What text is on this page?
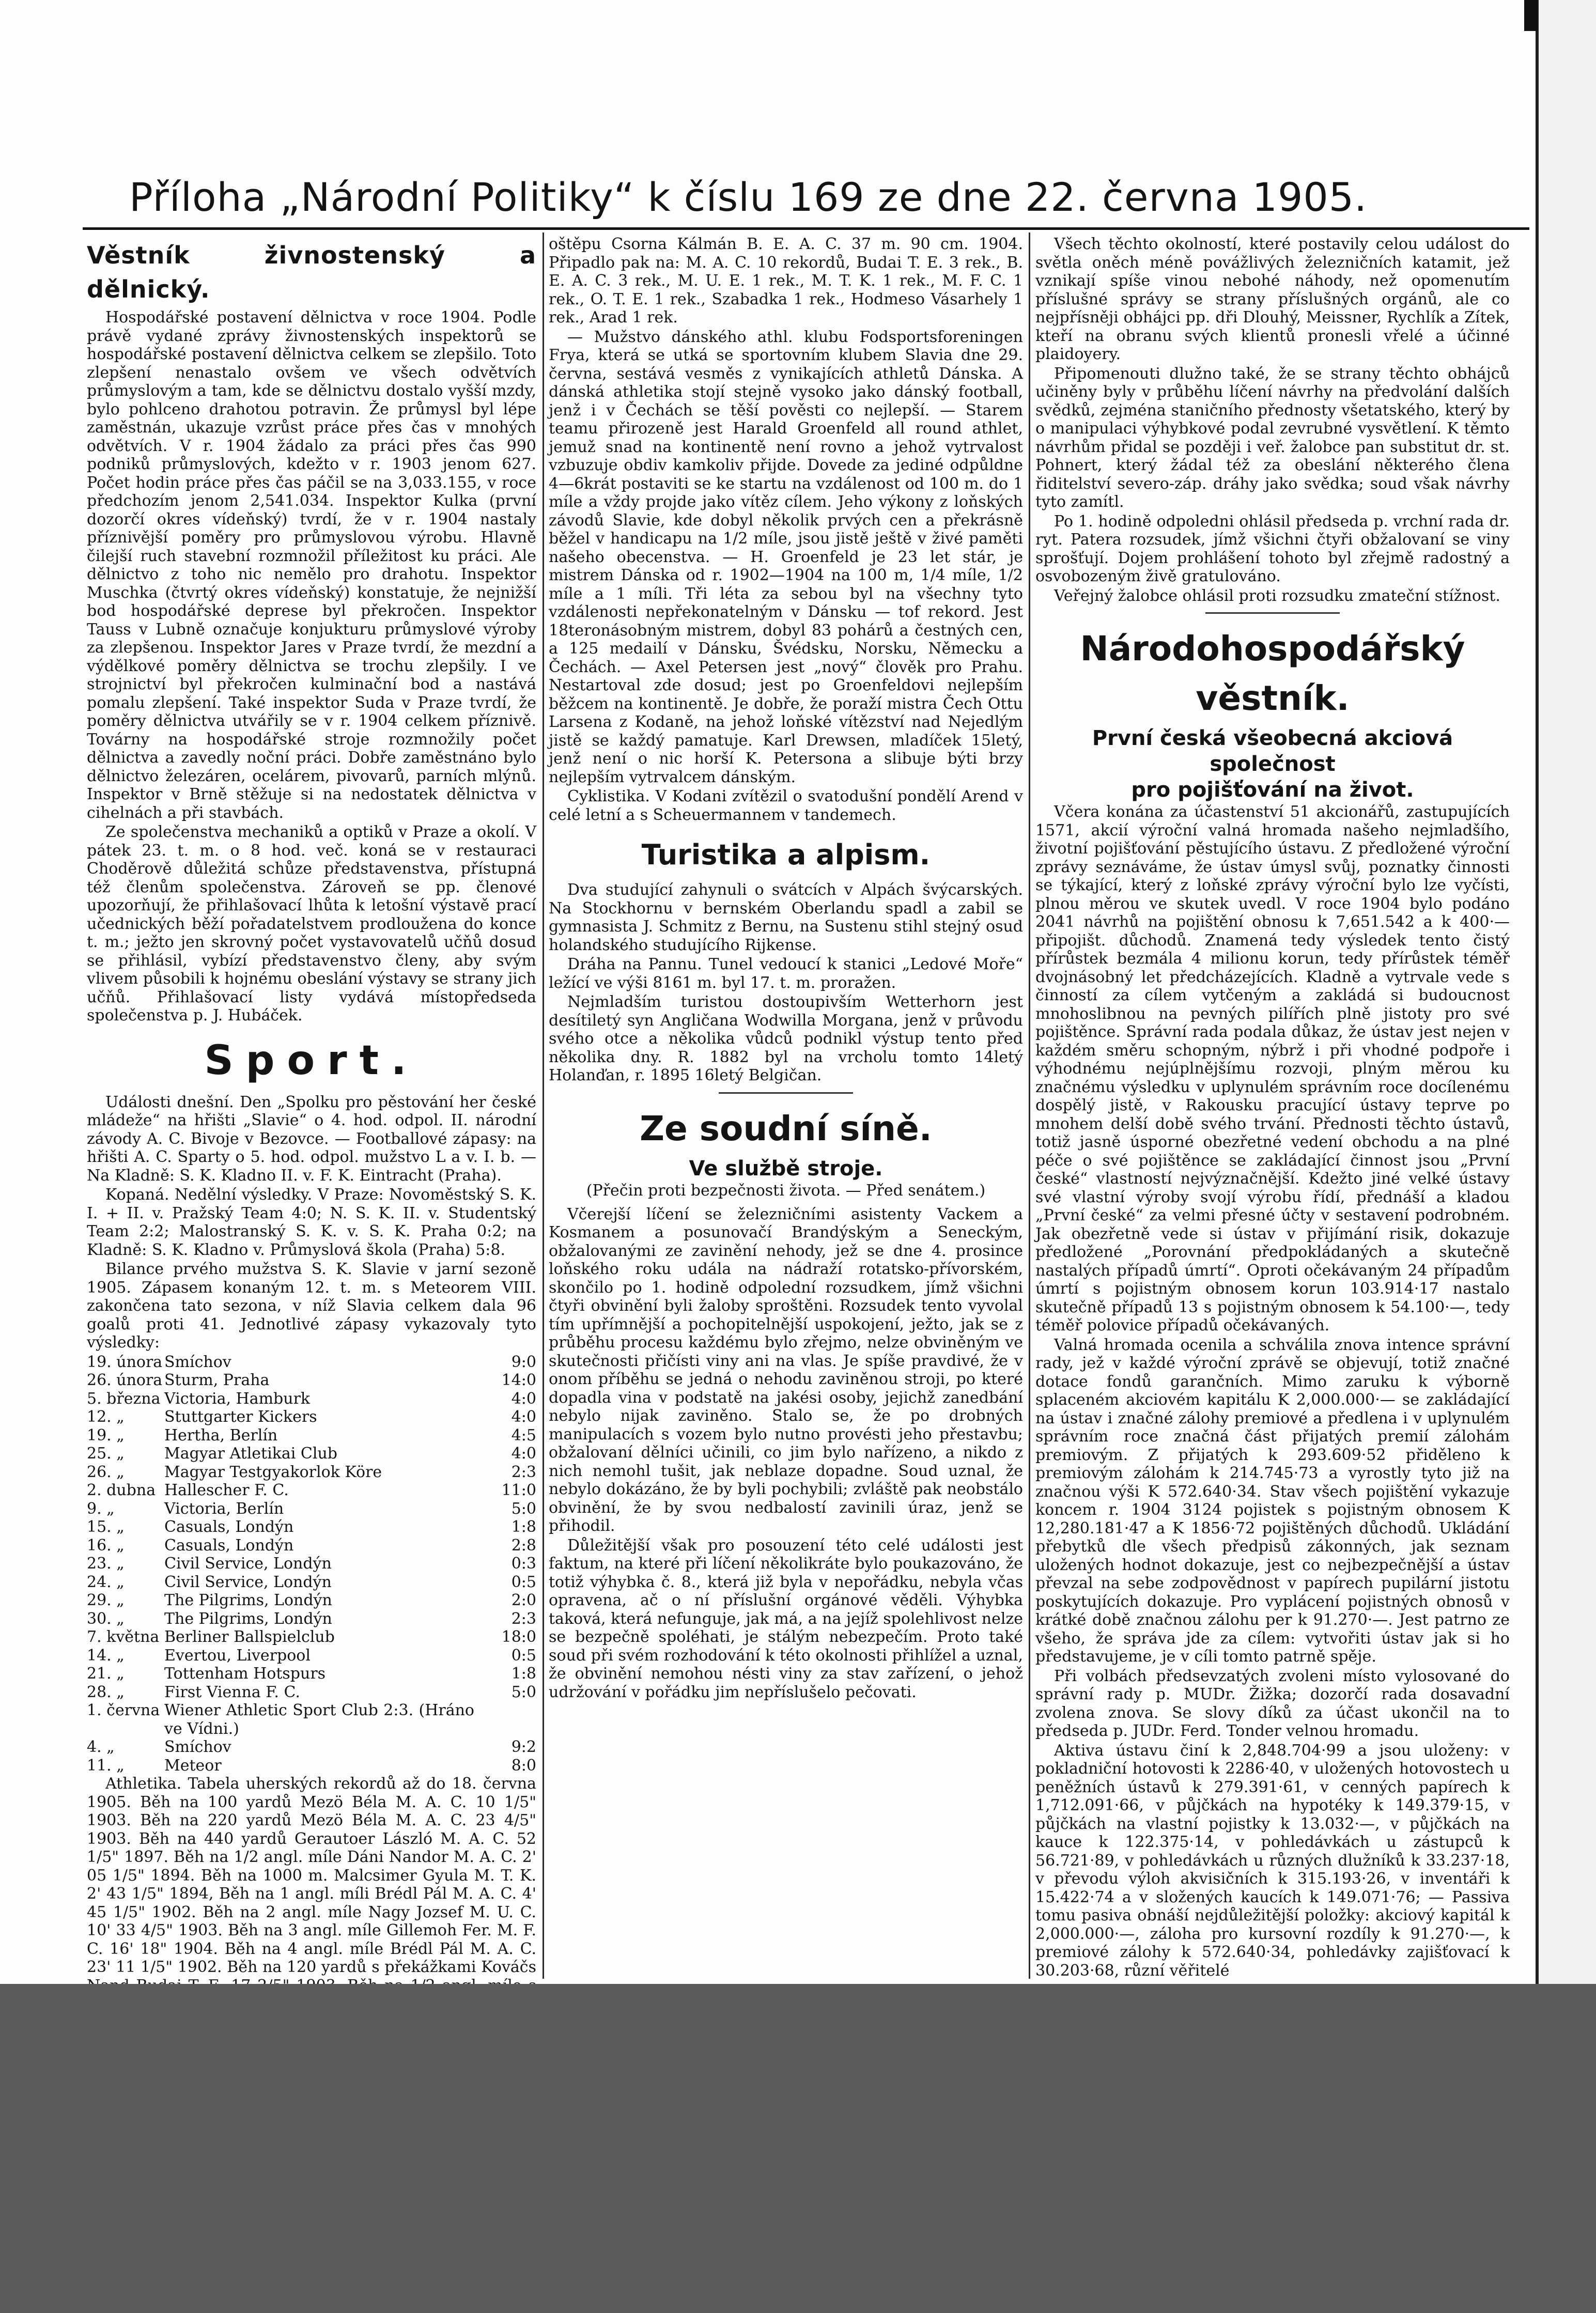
Příloha „Národní Politiky“ k číslu 169 ze dne 22. června 1905.
Věstník živnostenský a dělnický.

Hospodářské postavení dělnictva v roce 1904. Podle právě vydané zprávy živnostenských inspektorů se hospodářské postavení dělnictva celkem se zlepšilo. Toto zlepšení nenastalo ovšem ve všech odvětvích průmyslovým a tam, kde se dělnictvu dostalo vyšší mzdy, bylo pohlceno drahotou potravin. Že průmysl byl lépe zaměstnán, ukazuje vzrůst práce přes čas v mnohých odvětvích. V r. 1904 žádalo za práci přes čas 990 podniků průmyslových, kdežto v r. 1903 jenom 627. Počet hodin práce přes čas páčil se na 3,033.155, v roce předchozím jenom 2,541.034. Inspektor Kulka (první dozorčí okres vídeňský) tvrdí, že v r. 1904 nastaly příznivější poměry pro průmyslovou výrobu. Hlavně čilejší ruch stavební rozmnožil příležitost ku práci. Ale dělnictvo z toho nic nemělo pro drahotu. Inspektor Muschka (čtvrtý okres vídeňský) konstatuje, že nejnižší bod hospodářské deprese byl překročen. Inspektor Tauss v Lubně označuje konjukturu průmyslové výroby za zlepšenou. Inspektor Jares v Praze tvrdí, že mezdní a výdělkové poměry dělnictva se trochu zlepšily. I ve strojnictví byl překročen kulminační bod a nastává pomalu zlepšení. Také inspektor Suda v Praze tvrdí, že poměry dělnictva utvářily se v r. 1904 celkem příznivě. Továrny na hospodářské stroje rozmnožily počet dělnictva a zavedly noční práci. Dobře zaměstnáno bylo dělnictvo železáren, ocelárem, pivovarů, parních mlýnů. Inspektor v Brně stěžuje si na nedostatek dělnictva v cihelnách a při stavbách.

Ze společenstva mechaniků a optiků v Praze a okolí. V pátek 23. t. m. o 8 hod. več. koná se v restauraci Choděrově důležitá schůze představenstva, přístupná též členům společenstva. Zároveň se pp. členové upozorňují, že přihlašovací lhůta k letošní výstavě prací učednických běží pořadatelstvem prodloužena do konce t. m.; ježto jen skrovný počet vystavovatelů učňů dosud se přihlásil, vybízí představenstvo členy, aby svým vlivem působili k hojnému obeslání výstavy se strany jich učňů. Přihlašovací listy vydává místopředseda společenstva p. J. Hubáček.

Sport.

Události dnešní. Den „Spolku pro pěstování her české mládeže“ na hřišti „Slavie“ o 4. hod. odpol. II. národní závody A. C. Bivoje v Bezovce. — Footballové zápasy: na hřišti A. C. Sparty o 5. hod. odpol. mužstvo L a v. I. b. — Na Kladně: S. K. Kladno II. v. F. K. Eintracht (Praha).

Kopaná. Nedělní výsledky. V Praze: Novoměstský S. K. I. + II. v. Pražský Team 4:0; N. S. K. II. v. Studentský Team 2:2; Malostranský S. K. v. S. K. Praha 0:2; na Kladně: S. K. Kladno v. Průmyslová škola (Praha) 5:8.

Bilance prvého mužstva S. K. Slavie v jarní sezoně 1905. Zápasem konaným 12. t. m. s Meteorem VIII. zakončena tato sezona, v níž Slavia celkem dala 96 goalů proti 41. Jednotlivé zápasy vykazovaly tyto výsledky:

19. února Smíchov	9:0
26. února Sturm, Praha	14:0
5. března Victoria, Hamburk	4:0
12. „	Stuttgarter Kickers	4:0
19. „	Hertha, Berlín	4:5
25. „	Magyar Atletikai Club	4:0
26. „	Magyar Testgyakorlok Köre	2:3
2. dubna Hallescher F. C.	11:0
9. „	Victoria, Berlín	5:0
15. „	Casuals, Londýn	1:8
16. „	Casuals, Londýn	2:8
23. „	Civil Service, Londýn	0:3
24. „	Civil Service, Londýn	0:5
29. „	The Pilgrims, Londýn	2:0
30. „	The Pilgrims, Londýn	2:3
7. května Berliner Ballspielclub	18:0
14. „	Evertou, Liverpool	0:5
21. „	Tottenham Hotspurs	1:8
28. „	First Vienna F. C.	5:0
1. června Wiener Athletic Sport Club 2:3. (Hráno ve Vídni.)
4. „	Smíchov	9:2
11. „	Meteor	8:0

Athletika. Tabela uherských rekordů až do 18. června 1905. Běh na 100 yardů Mezö Béla M. A. C. 10 1/5" 1903. Běh na 220 yardů Mezö Béla M. A. C. 23 4/5" 1903. Běh na 440 yardů Gerautoer László M. A. C. 52 1/5" 1897. Běh na 1/2 angl. míle Dáni Nandor M. A. C. 2' 05 1/5" 1894. Běh na 1000 m. Malcsimer Gyula M. T. K. 2' 43 1/5" 1894, Běh na 1 angl. míli Brédl Pál M. A. C. 4' 45 1/5" 1902. Běh na 2 angl. míle Nagy Jozsef M. U. C. 10' 33 4/5" 1903. Běh na 3 angl. míle Gillemoh Fer. M. F. C. 16' 18" 1904. Běh na 4 angl. míle Brédl Pál M. A. C. 23' 11 1/5" 1902. Běh na 120 yardů s překážkami Kováčs

oštěpu Csorna Kálmán B. E. A. C. 37 m. 90 cm. 1904. Připadlo pak na: M. A. C. 10 rekordů, Budai T. E. 3 rek., B. E. A. C. 3 rek., M. U. E. 1 rek., M. T. K. 1 rek., M. F. C. 1 rek., O. T. E. 1 rek., Szabadka 1 rek., Hodmeso Vásarhely 1 rek., Arad 1 rek.

— Mužstvo dánského athl. klubu Fodsportsforeningen Frya, která se utká se sportovním klubem Slavia dne 29. června, sestává vesměs z vynikajících athletů Dánska. A dánská athletika stojí stejně vysoko jako dánský football, jenž i v Čechách se těší pověsti co nejlepší. — Starem teamu přirozeně jest Harald Groenfeld all round athlet, jemuž snad na kontinentě není rovno a jehož vytrvalost vzbuzuje obdiv kamkoliv přijde. Dovede za jediné odpůldne 4—6krát postaviti se ke startu na vzdálenost od 100 m. do 1 míle a vždy projde jako vítěz cílem. Jeho výkony z loňských závodů Slavie, kde dobyl několik prvých cen a překrásně běžel v handicapu na 1/2 míle, jsou jistě ještě v živé paměti našeho obecenstva. — H. Groenfeld je 23 let stár, je mistrem Dánska od r. 1902—1904 na 100 m, 1/4 míle, 1/2 míle a 1 míli. Tři léta za sebou byl na všechny tyto vzdálenosti nepřekonatelným v Dánsku — tof rekord. Jest 18teronásobným mistrem, dobyl 83 pohárů a čestných cen, a 125 medailí v Dánsku, Švédsku, Norsku, Německu a Čechách. — Axel Petersen jest „nový“ člověk pro Prahu. Nestartoval zde dosud; jest po Groenfeldovi nejlepším běžcem na kontinentě. Je dobře, že poraží mistra Čech Ottu Larsena z Kodaně, na jehož loňské vítězství nad Nejedlým jistě se každý pamatuje. Karl Drewsen, mladíček 15letý, jenž není o nic horší K. Petersona a slibuje býti brzy nejlepším vytrvalcem dánským.

Cyklistika. V Kodani zvítězil o svatodušní pondělí Arend v celé letní a s Scheuermannem v tandemech.

Turistika a alpism.

Dva studující zahynuli o svátcích v Alpách švýcarských. Na Stockhornu v bernském Oberlandu spadl a zabil se gymnasista J. Schmitz z Bernu, na Sustenu stihl stejný osud holandského studujícího Rijkense.

Dráha na Pannu. Tunel vedoucí k stanici „Ledové Moře“ ležící ve výši 8161 m. byl 17. t. m. proražen.

Nejmladším turistou dostoupivším Wetterhorn jest desítiletý syn Angličana Wodwilla Morgana, jenž v průvodu svého otce a několika vůdců podnikl výstup tento před několika dny. R. 1882 byl na vrcholu tomto 14letý Holanďan, r. 1895 16letý Belgičan.

Ze soudní síně.
Ve službě stroje.
(Přečin proti bezpečnosti života. — Před senátem.)

Včerejší líčení se železničními asistenty Vackem a Kosmanem a posunovačí Brandýským a Seneckým, obžalovanými ze zavinění nehody, jež se dne 4. prosince loňského roku udála na nádraží rotatsko-přívorském, skončilo po 1. hodině odpolední rozsudkem, jímž všichni čtyři obvinění byli žaloby sproštěni. Rozsudek tento vyvolal tím upřímnější a pochopitelnější uspokojení, ježto, jak se z průběhu procesu každému bylo zřejmo, nelze obviněným ve skutečnosti přičísti viny ani na vlas. Je spíše pravdivé, že v onom příběhu se jedná o nehodu zaviněnou stroji, po které dopadla vina v podstatě na jakési osoby, jejichž zanedbání nebylo nijak zaviněno. Stalo se, že po drobných manipulacích s vozem bylo nutno provésti jeho přestavbu; obžalovaní dělníci učinili, co jim bylo nařízeno, a nikdo z nich nemohl tušit, jak neblaze dopadne. Soud uznal, že nebylo dokázáno, že by byli pochybili; zvláště pak neobstálo obvinění, že by svou nedbalostí zavinili úraz, jenž se přihodil.

Důležitější však pro posouzení této celé události jest faktum, na které při líčení několikráte bylo poukazováno, že totiž výhybka č. 8., která již byla v nepořádku, nebyla včas opravena, ač o ní příslušní orgánové věděli. Výhybka taková, která nefunguje, jak má, a na jejíž spolehlivost nelze se bezpečně spoléhati, je stálým nebezpečím. Proto také soud při svém rozhodování k této okolnosti přihlížel a uznal, že obvinění nemohou nésti viny za stav zařízení, o jehož udržování v pořádku jim nepříslušelo pečovati.

Všech těchto okolností, které postavily celou událost do světla oněch méně povážlivých železničních katamit, jež vznikají spíše vinou nebohé náhody, než opomenutím příslušné správy se strany příslušných orgánů, ale co nejpřísněji obhájci pp. dři Dlouhý, Meissner, Rychlík a Zítek, kteří na obranu svých klientů pronesli vřelé a účinné plaidoyery.

Připomenouti dlužno také, že se strany těchto obhájců učiněny byly v průběhu líčení návrhy na předvolání dalších svědků, zejména staničního přednosty všetatského, který by o manipulaci výhybkové podal zevrubné vysvětlení. K těmto návrhům přidal se později i veř. žalobce pan substitut dr. st. Pohnert, který žádal též za obeslání některého člena řiditelství severo-záp. dráhy jako svědka; soud však návrhy tyto zamítl.

Po 1. hodině odpoledni ohlásil předseda p. vrchní rada dr. ryt. Patera rozsudek, jímž všichni čtyři obžalovaní se viny sprošťují. Dojem prohlášení tohoto byl zřejmě radostný a osvobozeným živě gratulováno.

Veřejný žalobce ohlásil proti rozsudku zmateční stížnost.

Národohospodářský věstník.
První česká všeobecná akciová společnost
pro pojišťování na život.

Včera konána za účastenství 51 akcionářů, zastupujících 1571, akcií výroční valná hromada našeho nejmladšího, životní pojišťování pěstujícího ústavu. Z předložené výroční zprávy seznáváme, že ústav úmysl svůj, poznatky činnosti se týkající, který z loňské zprávy výroční bylo lze vyčísti, plnou měrou ve skutek uvedl. V roce 1904 bylo podáno 2041 návrhů na pojištění obnosu k 7,651.542 a k 400·— připojišt. důchodů. Znamená tedy výsledek tento čistý přírůstek bezmála 4 milionu korun, tedy přírůstek téměř dvojnásobný let předcházejících. Kladně a vytrvale vede s činností za cílem vytčeným a zakládá si budoucnost mnohoslibnou na pevných pilířích plně jistoty pro své pojištěnce. Správní rada podala důkaz, že ústav jest nejen v každém směru schopným, nýbrž i při vhodné podpoře i výhodnému nejúplnějšímu rozvoji, plným měrou ku značnému výsledku v uplynulém správním roce docílenému dospělý jistě, v Rakousku pracující ústavy teprve po mnohem delší době svého trvání. Přednosti těchto ústavů, totiž jasně úsporné obezřetné vedení obchodu a na plné péče o své pojištěnce se zakládající činnost jsou „První české“ vlastností nejvýznačnější. Kdežto jiné velké ústavy své vlastní výroby svojí výrobu řídí, přednáší a kladou „První české“ za velmi přesné účty v sestavení podrobném. Jak obezřetně vede si ústav v přijímání risik, dokazuje předložené „Porovnání předpokládaných a skutečně nastalých případů úmrtí“. Oproti očekávaným 24 případům úmrtí s pojistným obnosem korun 103.914·17 nastalo skutečně případů 13 s pojistným obnosem k 54.100·—, tedy téměř polovice případů očekávaných.

Valná hromada ocenila a schválila znova intence správní rady, jež v každé výroční zprávě se objevují, totiž značné dotace fondů garančních. Mimo zaruku k výborně splaceném akciovém kapitálu K 2,000.000·— se zakládající na ústav i značné zálohy premiové a předlena i v uplynulém správním roce značná část přijatých premií zálohám premiovým. Z přijatých k 293.609·52 přiděleno k premiovým zálohám k 214.745·73 a vyrostly tyto již na značnou výši K 572.640·34. Stav všech pojištění vykazuje koncem r. 1904 3124 pojistek s pojistným obnosem K 12,280.181·47 a K 1856·72 pojištěných důchodů. Ukládání přebytků dle všech předpisů zákonných, jak seznam uložených hodnot dokazuje, jest co nejbezpečnější a ústav převzal na sebe zodpovědnost v papírech pupilární jistotu poskytujících dokazuje. Pro vyplácení pojistných obnosů v krátké době značnou zálohu per k 91.270·—. Jest patrno ze všeho, že správa jde za cílem: vytvořiti ústav jak si ho představujeme, je v cíli tomto patrně spěje.

Při volbách předsevzatých zvoleni místo vylosované do správní rady p. MUDr. Žižka; dozorčí rada dosavadní zvolena znova. Se slovy díků za účast ukončil na to předseda p. JUDr. Ferd. Tonder velnou hromadu.

Aktiva ústavu činí k 2,848.704·99 a jsou uloženy: v pokladniční hotovosti k 2286·40, v uložených hotovostech u peněžních ústavů k 279.391·61, v cenných papírech k 1,712.091·66, v půjčkách na hypotéky k 149.379·15, v půjčkách na vlastní pojistky k 13.032·—, v půjčkách na kauce k 122.375·14, v pohledávkách u zástupců k 56.721·89, v pohledávkách u různých dlužníků k 33.237·18, v převodu výloh akvisičních k 315.193·26, v inventáři k 15.422·74 a v složených kaucích k 149.071·76; — Passiva tomu pasiva obnáší nejdůležitější položky: akciový kapitál k 2,000.000·—, záloha pro kursovní rozdíly k 91.270·—, k premiové zálohy k 572.640·34, pohledávky zajišťovací k 30.203·68, různí věřitelé
